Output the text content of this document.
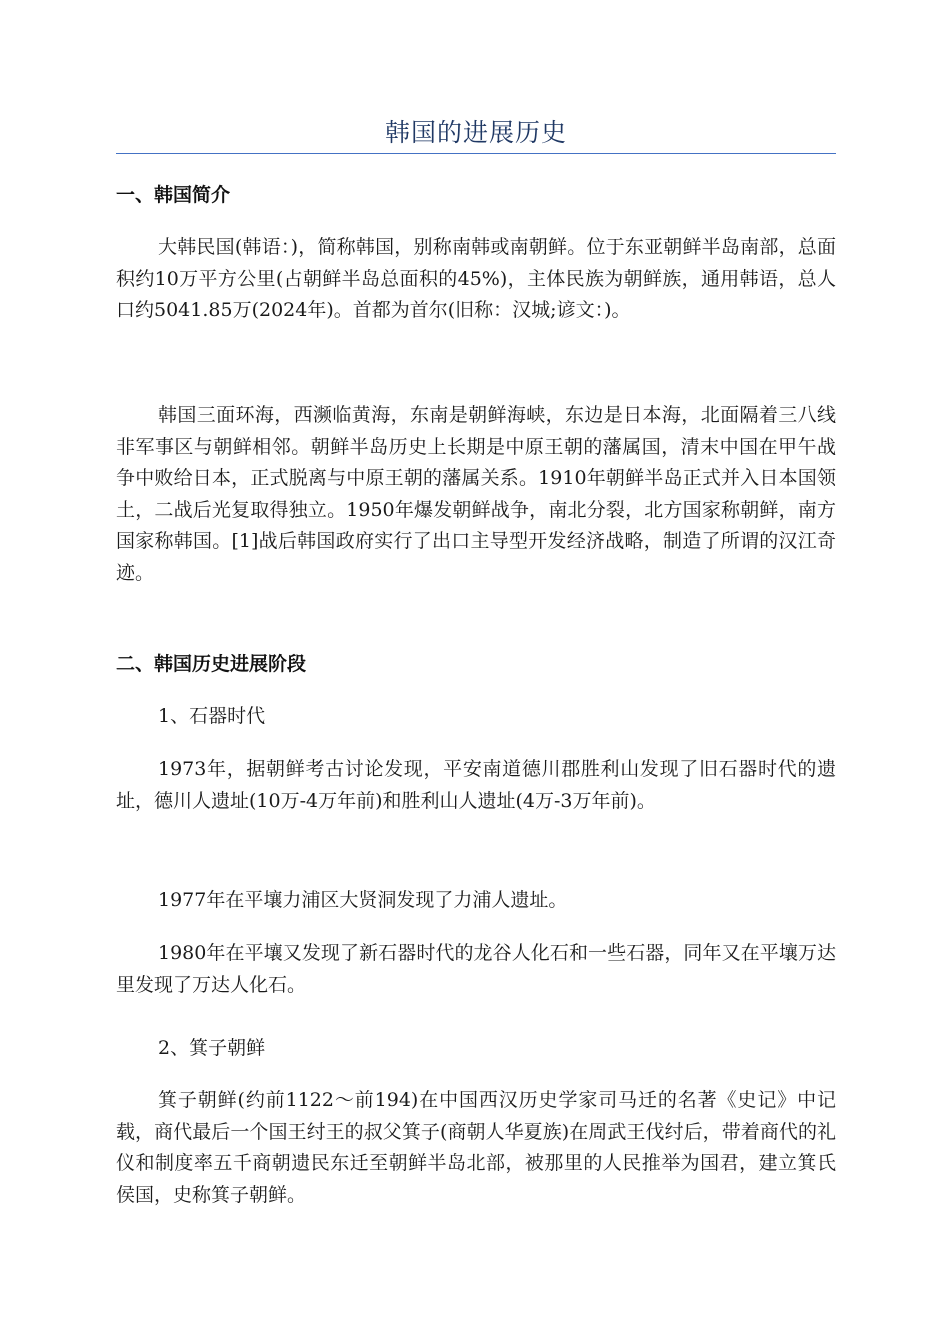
韩国的进展历史
一、韩国简介

大韩民国(韩语：)，简称韩国，别称南韩或南朝鲜。位于东亚朝鲜半岛南部，总面积约10万平方公里(占朝鲜半岛总面积的45%)，主体民族为朝鲜族，通用韩语，总人口约5041.85万(2024年)。首都为首尔(旧称：汉城;谚文：)。

韩国三面环海，西濒临黄海，东南是朝鲜海峡，东边是日本海，北面隔着三八线非军事区与朝鲜相邻。朝鲜半岛历史上长期是中原王朝的藩属国，清末中国在甲午战争中败给日本，正式脱离与中原王朝的藩属关系。1910年朝鲜半岛正式并入日本国领土，二战后光复取得独立。1950年爆发朝鲜战争，南北分裂，北方国家称朝鲜，南方国家称韩国。[1]战后韩国政府实行了出口主导型开发经济战略，制造了所谓的汉江奇迹。

二、韩国历史进展阶段
1、石器时代

1973年，据朝鲜考古讨论发现，平安南道德川郡胜利山发现了旧石器时代的遗址，德川人遗址(10万-4万年前)和胜利山人遗址(4万-3万年前)。

1977年在平壤力浦区大贤洞发现了力浦人遗址。

1980年在平壤又发现了新石器时代的龙谷人化石和一些石器，同年又在平壤万达里发现了万达人化石。

2、箕子朝鲜

箕子朝鲜(约前1122～前194)在中国西汉历史学家司马迁的名著《史记》中记载，商代最后一个国王纣王的叔父箕子(商朝人华夏族)在周武王伐纣后，带着商代的礼仪和制度率五千商朝遗民东迁至朝鲜半岛北部，被那里的人民推举为国君，建立箕氏侯国，史称箕子朝鲜。
